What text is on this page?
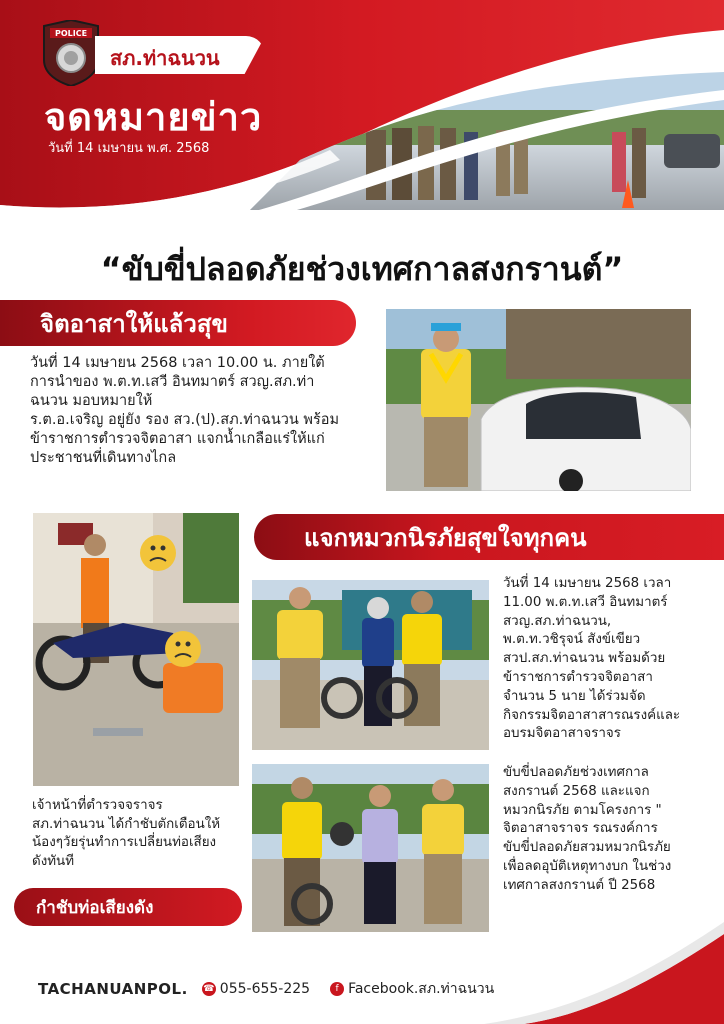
POLICE
สภ.ท่าฉนวน
จดหมายข่าว
วันที่ 14 เมษายน พ.ศ. 2568
“ขับขี่ปลอดภัยช่วงเทศกาลสงกรานต์”
จิตอาสาให้แล้วสุข
วันที่ 14 เมษายน 2568 เวลา 10.00 น. ภายใต้
การนำของ พ.ต.ท.เสวี อินทมาตร์ สวญ.สภ.ท่า
ฉนวน มอบหมายให้
ร.ต.อ.เจริญ อยู่ยัง รอง สว.(ป).สภ.ท่าฉนวน พร้อม
ข้าราชการตำรวจจิตอาสา แจกน้ำเกลือแร่ให้แก่
ประชาชนที่เดินทางไกล
แจกหมวกนิรภัยสุขใจทุกคน
วันที่ 14 เมษายน 2568 เวลา
11.00 พ.ต.ท.เสวี อินทมาตร์
สวญ.สภ.ท่าฉนวน,
พ.ต.ท.วชิรุจน์ สังข์เขียว
สวป.สภ.ท่าฉนวน พร้อมด้วย
ข้าราชการตำรวจจิตอาสา
จำนวน 5 นาย ได้ร่วมจัด
กิจกรรมจิตอาสาสารณรงค์และ
อบรมจิตอาสาจราจร
ขับขี่ปลอดภัยช่วงเทศกาล
สงกรานต์ 2568 และแจก
หมวกนิรภัย ตามโครงการ "
จิตอาสาจราจร รณรงค์การ
ขับขี่ปลอดภัยสวมหมวกนิรภัย
เพื่อลดอุบัติเหตุทางบก ในช่วง
เทศกาลสงกรานต์ ปี 2568
เจ้าหน้าที่ตำรวจจราจร
สภ.ท่าฉนวน ได้กำชับตักเตือนให้
น้องๆวัยรุ่นทำการเปลี่ยนท่อเสียง
ดังทันที
กำชับท่อเสียงดัง
TACHANUANPOL. ☎ 055-655-225	f Facebook.สภ.ท่าฉนวน
